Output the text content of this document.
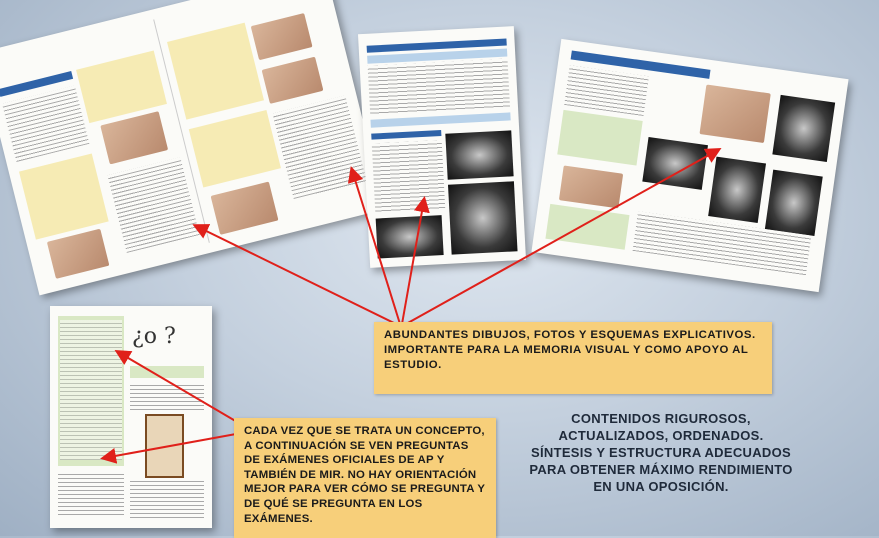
¿o ?	ABUNDANTES DIBUJOS, FOTOS Y ESQUEMAS EXPLICATIVOS. IMPORTANTE PARA LA MEMORIA VISUAL Y COMO APOYO AL ESTUDIO.

CADA VEZ QUE SE TRATA UN CONCEPTO, A CONTINUACIÓN SE VEN PREGUNTAS DE EXÁMENES OFICIALES DE AP Y TAMBIÉN DE MIR. NO HAY ORIENTACIÓN MEJOR PARA VER CÓMO SE PREGUNTA Y DE QUÉ SE PREGUNTA EN LOS EXÁMENES.

CONTENIDOS RIGUROSOS,

ACTUALIZADOS, ORDENADOS.

SÍNTESIS Y ESTRUCTURA ADECUADOS

PARA OBTENER MÁXIMO RENDIMIENTO

EN UNA OPOSICIÓN.
